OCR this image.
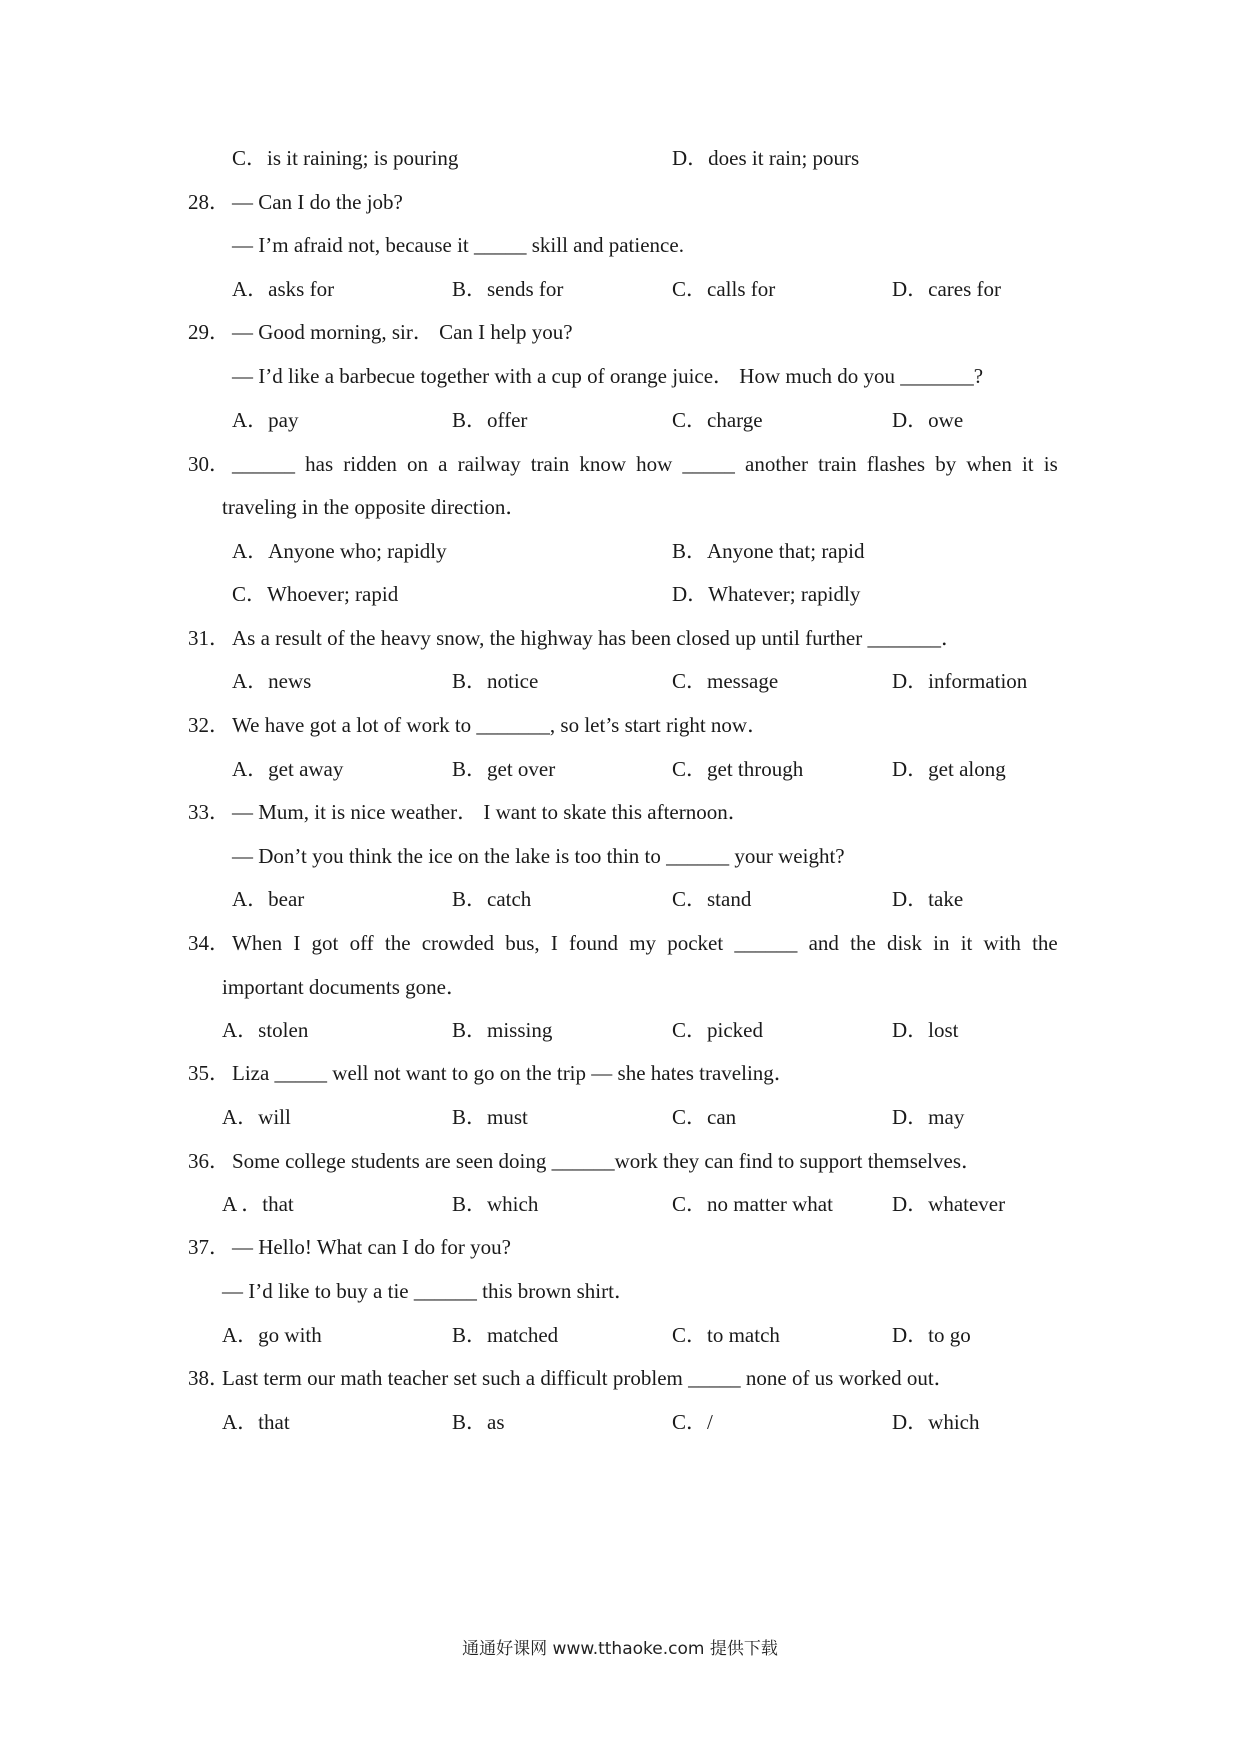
C．is it raining; is pouring	D．does it rain; pours
28． — Can I do the job?
— I’m afraid not, because it _____ skill and patience.
A．asks for	B．sends for	C．calls for	D．cares for
29． — Good morning, sir． Can I help you?
— I’d like a barbecue together with a cup of orange juice． How much do you _______?
A．pay	B．offer	C．charge	D．owe
30． ______ has ridden on a railway train know how _____ another train flashes by when it is
traveling in the opposite direction．
A．Anyone who; rapidly	B．Anyone that; rapid
C．Whoever; rapid	D．Whatever; rapidly
31． As a result of the heavy snow, the highway has been closed up until further _______．
A．news	B．notice	C．message	D．information
32． We have got a lot of work to _______, so let’s start right now．
A．get away	B．get over	C．get through	D．get along
33． — Mum, it is nice weather． I want to skate this afternoon．
— Don’t you think the ice on the lake is too thin to ______ your weight?
A．bear	B．catch	C．stand	D．take
34． When I got off the crowded bus, I found my pocket ______ and the disk in it with the
important documents gone．
A．stolen	B．missing	C．picked	D．lost
35． Liza _____ well not want to go on the trip — she hates traveling．
A．will	B．must	C．can	D．may
36． Some college students are seen doing ______work they can find to support themselves．
A ．that	B．which	C．no matter what	D．whatever
37． — Hello! What can I do for you?
— I’d like to buy a tie ______ this brown shirt．
A．go with	B．matched	C．to match	D．to go
38．
Last term our math teacher set such a difficult problem _____ none of us worked out．
A．that	B．as	C．/	D．which
通通好课网 www.tthaoke.com 提供下载
